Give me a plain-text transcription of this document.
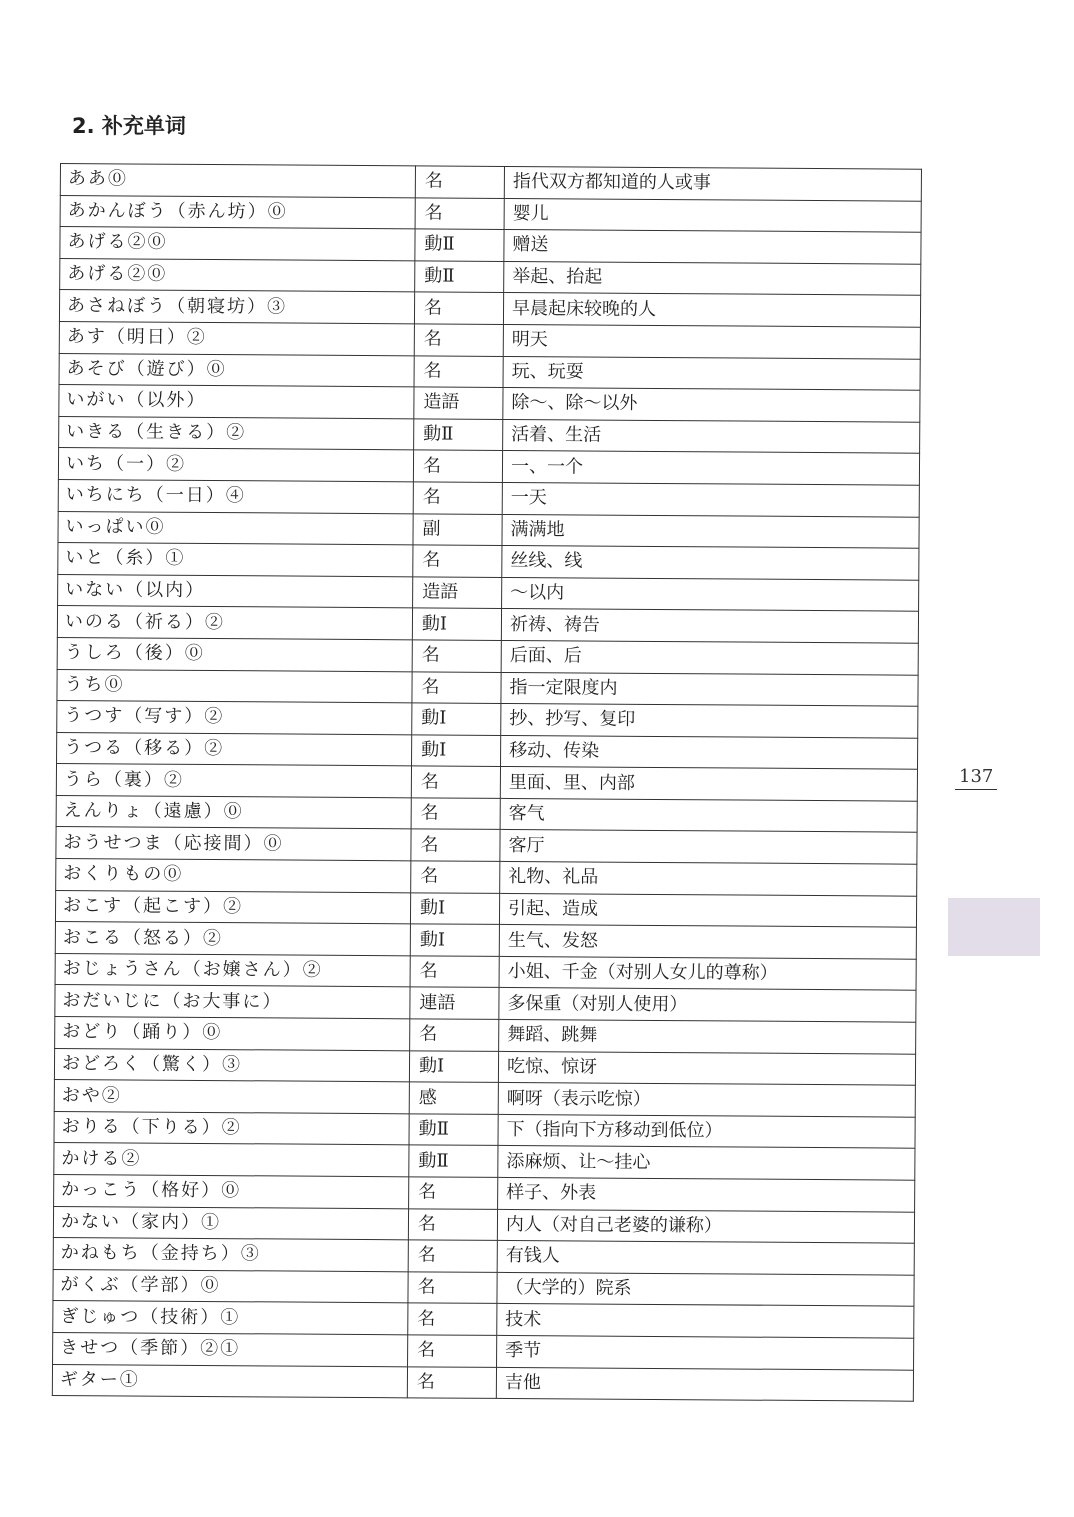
2. 补充单词
ああ⓪	名	指代双方都知道的人或事
あかんぼう（赤ん坊）⓪	名	婴儿
あげる②⓪	動Ⅱ	赠送
あげる②⓪	動Ⅱ	举起、抬起
あさねぼう（朝寝坊）③	名	早晨起床较晚的人
あす（明日）②	名	明天
あそび（遊び）⓪	名	玩、玩耍
いがい（以外）	造語	除～、除～以外
いきる（生きる）②	動Ⅱ	活着、生活
いち（一）②	名	一、一个
いちにち（一日）④	名	一天
いっぱい⓪	副	满满地
いと（糸）①	名	丝线、线
いない（以内）	造語	～以内
いのる（祈る）②	動Ⅰ	祈祷、祷告
うしろ（後）⓪	名	后面、后
うち⓪	名	指一定限度内
うつす（写す）②	動Ⅰ	抄、抄写、复印
うつる（移る）②	動Ⅰ	移动、传染
うら（裏）②	名	里面、里、内部
えんりょ（遠慮）⓪	名	客气
おうせつま（応接間）⓪	名	客厅
おくりもの⓪	名	礼物、礼品
おこす（起こす）②	動Ⅰ	引起、造成
おこる（怒る）②	動Ⅰ	生气、发怒
おじょうさん（お嬢さん）②	名	小姐、千金（对别人女儿的尊称）
おだいじに（お大事に）	連語	多保重（对别人使用）
おどり（踊り）⓪	名	舞蹈、跳舞
おどろく（驚く）③	動Ⅰ	吃惊、惊讶
おや②	感	啊呀（表示吃惊）
おりる（下りる）②	動Ⅱ	下（指向下方移动到低位）
かける②	動Ⅱ	添麻烦、让～挂心
かっこう（格好）⓪	名	样子、外表
かない（家内）①	名	内人（对自己老婆的谦称）
かねもち（金持ち）③	名	有钱人
がくぶ（学部）⓪	名	（大学的）院系
ぎじゅつ（技術）①	名	技术
きせつ（季節）②①	名	季节
ギター①	名	吉他
137
